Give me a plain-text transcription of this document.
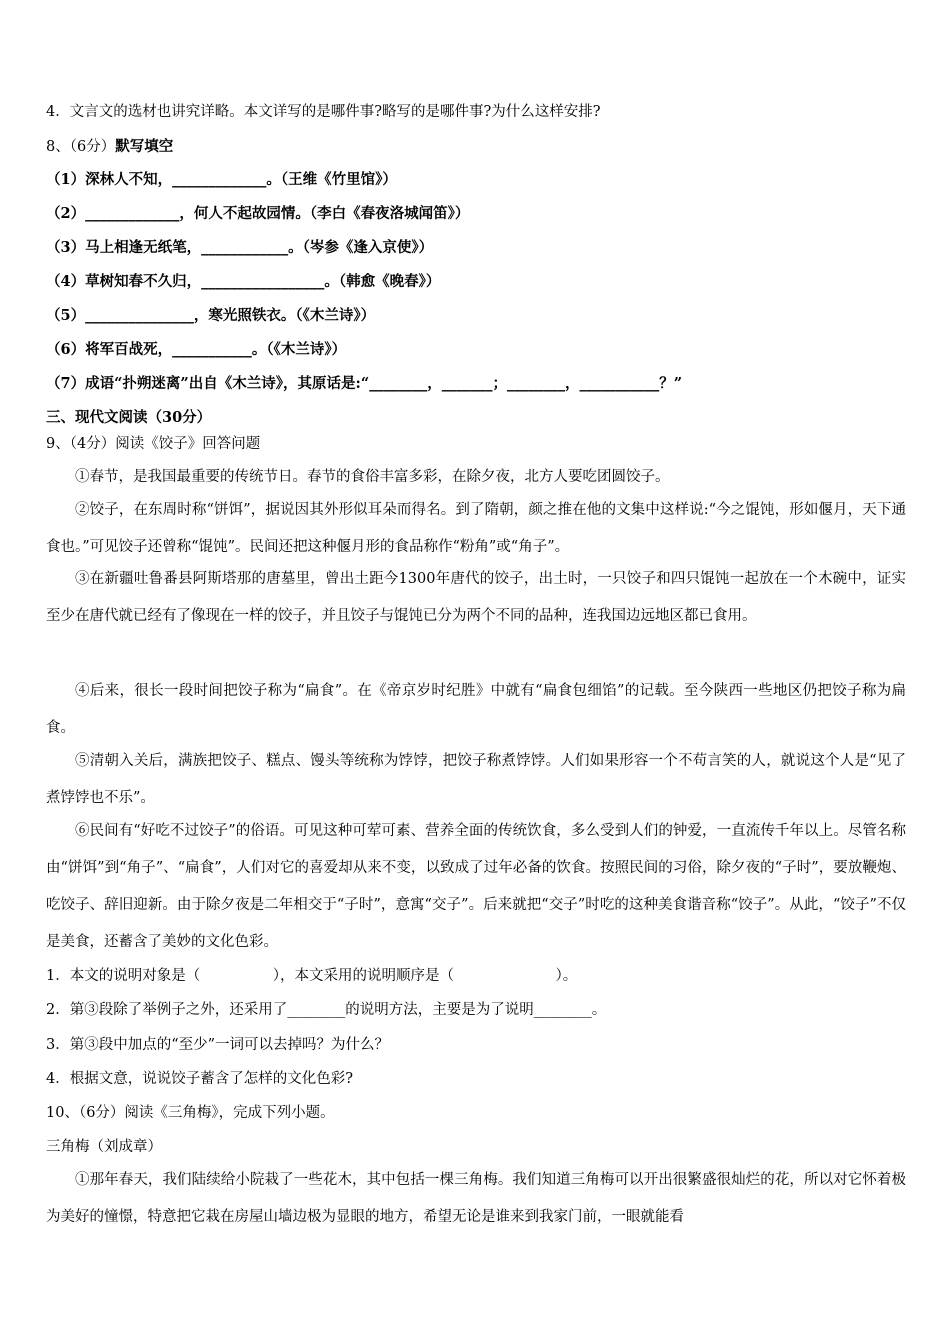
4．文言文的选材也讲究详略。本文详写的是哪件事?略写的是哪件事?为什么这样安排?
8、（6分）默写填空
（1）深林人不知，_____________。（王维《竹里馆》）
（2）_____________，何人不起故园情。（李白《春夜洛城闻笛》）
（3）马上相逢无纸笔，____________。（岑参《逢入京使》）
（4）草树知春不久归，_________________。（韩愈《晚春》）
（5）_______________，寒光照铁衣。（《木兰诗》）
（6）将军百战死，___________。（《木兰诗》）
（7）成语“扑朔迷离”出自《木兰诗》，其原话是:“________，_______；________，___________？”
三、现代文阅读（30分）
9、（4分）阅读《饺子》回答问题
①春节，是我国最重要的传统节日。春节的食俗丰富多彩，在除夕夜，北方人要吃团圆饺子。
②饺子，在东周时称“饼饵”，据说因其外形似耳朵而得名。到了隋朝，颜之推在他的文集中这样说:“今之馄饨，形如偃月，天下通食也。”可见饺子还曾称“馄饨”。民间还把这种偃月形的食品称作“粉角”或“角子”。
③在新疆吐鲁番县阿斯塔那的唐墓里，曾出土距今1300年唐代的饺子，出土时，一只饺子和四只馄饨一起放在一个木碗中，证实至少在唐代就已经有了像现在一样的饺子，并且饺子与馄饨已分为两个不同的品种，连我国边远地区都已食用。
④后来，很长一段时间把饺子称为“扁食”。在《帝京岁时纪胜》中就有“扁食包细馅”的记载。至今陕西一些地区仍把饺子称为扁食。
⑤清朝入关后，满族把饺子、糕点、馒头等统称为饽饽，把饺子称煮饽饽。人们如果形容一个不苟言笑的人，就说这个人是“见了煮饽饽也不乐”。
⑥民间有“好吃不过饺子”的俗语。可见这种可荤可素、营养全面的传统饮食，多么受到人们的钟爱，一直流传千年以上。尽管名称由“饼饵”到“角子”、“扁食”，人们对它的喜爱却从来不变，以致成了过年必备的饮食。按照民间的习俗，除夕夜的“子时”，要放鞭炮、吃饺子、辞旧迎新。由于除夕夜是二年相交于“子时”，意寓“交子”。后来就把“交子”时吃的这种美食谐音称“饺子”。从此，“饺子”不仅是美食，还蓄含了美妙的文化色彩。
1．本文的说明对象是（　　　　　），本文采用的说明顺序是（　　　　　　　）。
2．第③段除了举例子之外，还采用了________的说明方法，主要是为了说明________。
3．第③段中加点的“至少”一词可以去掉吗？为什么？
4．根据文意，说说饺子蓄含了怎样的文化色彩?
10、（6分）阅读《三角梅》，完成下列小题。
三角梅（刘成章）
①那年春天，我们陆续给小院栽了一些花木，其中包括一棵三角梅。我们知道三角梅可以开出很繁盛很灿烂的花，所以对它怀着极为美好的憧憬，特意把它栽在房屋山墙边极为显眼的地方，希望无论是谁来到我家门前，一眼就能看
